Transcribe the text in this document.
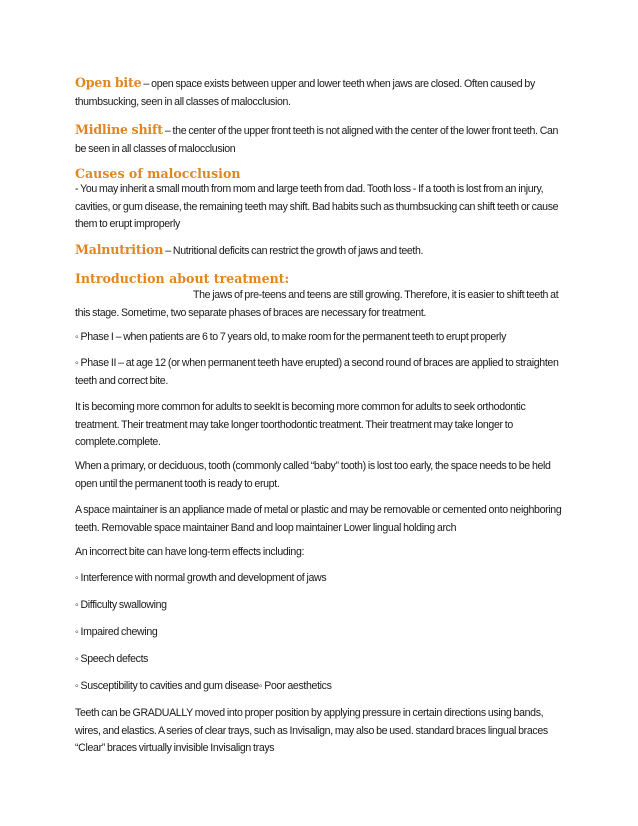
Open bite – open space exists between upper and lower teeth when jaws are closed. Often caused by thumbsucking, seen in all classes of malocclusion.

Midline shift – the center of the upper front teeth is not aligned with the center of the lower front teeth. Can be seen in all classes of malocclusion

Causes of malocclusion

- You may inherit a small mouth from mom and large teeth from dad. Tooth loss - If a tooth is lost from an injury, cavities, or gum disease, the remaining teeth may shift. Bad habits such as thumbsucking can shift teeth or cause them to erupt improperly

Malnutrition – Nutritional deficits can restrict the growth of jaws and teeth.

Introduction about treatment:

The jaws of pre-teens and teens are still growing. Therefore, it is easier to shift teeth at this stage. Sometime, two separate phases of braces are necessary for treatment.

◦ Phase I – when patients are 6 to 7 years old, to make room for the permanent teeth to erupt properly

◦ Phase II – at age 12 (or when permanent teeth have erupted) a second round of braces are applied to straighten teeth and correct bite.

It is becoming more common for adults to seekIt is becoming more common for adults to seek orthodontic treatment. Their treatment may take longer toorthodontic treatment. Their treatment may take longer to complete.complete.

When a primary, or deciduous, tooth (commonly called “baby” tooth) is lost too early, the space needs to be held open until the permanent tooth is ready to erupt.

A space maintainer is an appliance made of metal or plastic and may be removable or cemented onto neighboring teeth. Removable space maintainer Band and loop maintainer Lower lingual holding arch

An incorrect bite can have long-term effects including:

◦ Interference with normal growth and development of jaws

◦ Difficulty swallowing

◦ Impaired chewing

◦ Speech defects

◦ Susceptibility to cavities and gum disease◦ Poor aesthetics

Teeth can be GRADUALLY moved into proper position by applying pressure in certain directions using bands, wires, and elastics. A series of clear trays, such as Invisalign, may also be used. standard braces lingual braces “Clear” braces virtually invisible Invisalign trays
